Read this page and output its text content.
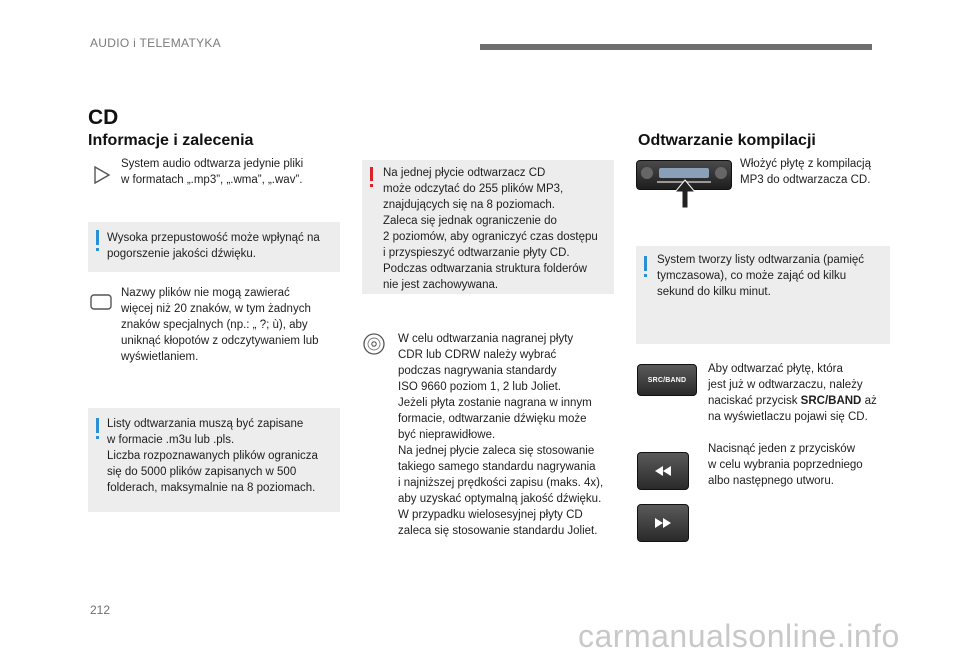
AUDIO i TELEMATYKA
CD
Informacje i zalecenia
System audio odtwarza jedynie pliki
w formatach „.mp3”, „.wma”, „.wav”.
Wysoka przepustowość może wpłynąć na
pogorszenie jakości dźwięku.
Nazwy plików nie mogą zawierać
więcej niż 20 znaków, w tym żadnych
znaków specjalnych (np.: „ ?; ù), aby
uniknąć kłopotów z odczytywaniem lub
wyświetlaniem.
Listy odtwarzania muszą być zapisane
w formacie .m3u lub .pls.
Liczba rozpoznawanych plików ogranicza
się do 5000 plików zapisanych w 500
folderach, maksymalnie na 8 poziomach.
Na jednej płycie odtwarzacz CD
może odczytać do 255 plików MP3,
znajdujących się na 8 poziomach.
Zaleca się jednak ograniczenie do
2 poziomów, aby ograniczyć czas dostępu
i przyspieszyć odtwarzanie płyty CD.
Podczas odtwarzania struktura folderów
nie jest zachowywana.
W celu odtwarzania nagranej płyty
CDR lub CDRW należy wybrać
podczas nagrywania standardy
ISO 9660 poziom 1, 2 lub Joliet.
Jeżeli płyta zostanie nagrana w innym
formacie, odtwarzanie dźwięku może
być nieprawidłowe.
Na jednej płycie zaleca się stosowanie
takiego samego standardu nagrywania
i najniższej prędkości zapisu (maks. 4x),
aby uzyskać optymalną jakość dźwięku.
W przypadku wielosesyjnej płyty CD
zaleca się stosowanie standardu Joliet.
Odtwarzanie kompilacji
Włożyć płytę z kompilacją
MP3 do odtwarzacza CD.
System tworzy listy odtwarzania (pamięć
tymczasowa), co może zająć od kilku
sekund do kilku minut.
SRC/BAND
Aby odtwarzać płytę, która
jest już w odtwarzaczu, należy
naciskać przycisk SRC/BAND aż
na wyświetlaczu pojawi się CD.
Nacisnąć jeden z przycisków
w celu wybrania poprzedniego
albo następnego utworu.
212
carmanualsonline.info
